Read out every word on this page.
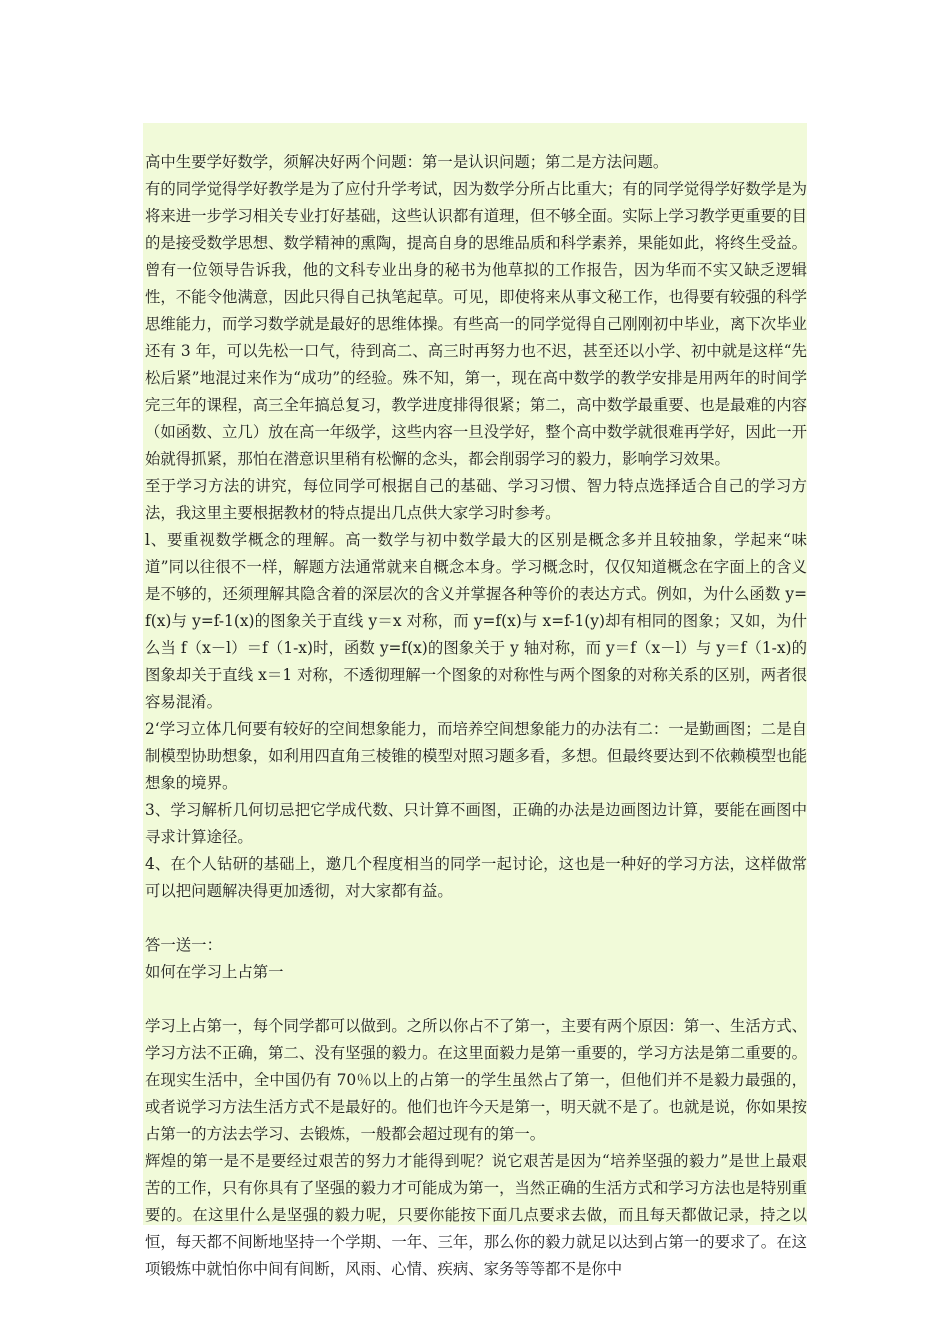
高中生要学好数学，须解决好两个问题：第一是认识问题；第二是方法问题。

有的同学觉得学好教学是为了应付升学考试，因为数学分所占比重大；有的同学觉得学好数学是为将来进一步学习相关专业打好基础，这些认识都有道理，但不够全面。实际上学习教学更重要的目的是接受数学思想、数学精神的熏陶，提高自身的思维品质和科学素养，果能如此，将终生受益。曾有一位领导告诉我，他的文科专业出身的秘书为他草拟的工作报告，因为华而不实又缺乏逻辑性，不能令他满意，因此只得自己执笔起草。可见，即使将来从事文秘工作，也得要有较强的科学思维能力，而学习数学就是最好的思维体操。有些高一的同学觉得自己刚刚初中毕业，离下次毕业还有 3 年，可以先松一口气，待到高二、高三时再努力也不迟，甚至还以小学、初中就是这样“先松后紧”地混过来作为“成功”的经验。殊不知，第一，现在高中数学的教学安排是用两年的时间学完三年的课程，高三全年搞总复习，教学进度排得很紧；第二，高中数学最重要、也是最难的内容（如函数、立几）放在高一年级学，这些内容一旦没学好，整个高中数学就很难再学好，因此一开始就得抓紧，那怕在潜意识里稍有松懈的念头，都会削弱学习的毅力，影响学习效果。

至于学习方法的讲究，每位同学可根据自己的基础、学习习惯、智力特点选择适合自己的学习方法，我这里主要根据教材的特点提出几点供大家学习时参考。

l、要重视数学概念的理解。高一数学与初中数学最大的区别是概念多并且较抽象，学起来“味道”同以往很不一样，解题方法通常就来自概念本身。学习概念时，仅仅知道概念在字面上的含义是不够的，还须理解其隐含着的深层次的含义并掌握各种等价的表达方式。例如，为什么函数 y=f(x)与 y=f-1(x)的图象关于直线 y＝x 对称，而 y=f(x)与 x=f-1(y)却有相同的图象；又如，为什么当 f（x－l）＝f（1-x)时，函数 y=f(x)的图象关于 y 轴对称，而 y＝f（x－l）与 y＝f（1-x)的图象却关于直线 x＝1 对称，不透彻理解一个图象的对称性与两个图象的对称关系的区别，两者很容易混淆。

2‘学习立体几何要有较好的空间想象能力，而培养空间想象能力的办法有二：一是勤画图；二是自制模型协助想象，如利用四直角三棱锥的模型对照习题多看，多想。但最终要达到不依赖模型也能想象的境界。

3、学习解析几何切忌把它学成代数、只计算不画图，正确的办法是边画图边计算，要能在画图中寻求计算途径。

4、在个人钻研的基础上，邀几个程度相当的同学一起讨论，这也是一种好的学习方法，这样做常可以把问题解决得更加透彻，对大家都有益。

答一送一：

如何在学习上占第一

学习上占第一，每个同学都可以做到。之所以你占不了第一，主要有两个原因：第一、生活方式、学习方法不正确，第二、没有坚强的毅力。在这里面毅力是第一重要的，学习方法是第二重要的。在现实生活中，全中国仍有 70％以上的占第一的学生虽然占了第一，但他们并不是毅力最强的，或者说学习方法生活方式不是最好的。他们也许今天是第一，明天就不是了。也就是说，你如果按占第一的方法去学习、去锻炼，一般都会超过现有的第一。

辉煌的第一是不是要经过艰苦的努力才能得到呢？说它艰苦是因为“培养坚强的毅力”是世上最艰苦的工作，只有你具有了坚强的毅力才可能成为第一，当然正确的生活方式和学习方法也是特别重要的。在这里什么是坚强的毅力呢，只要你能按下面几点要求去做，而且每天都做记录，持之以恒，每天都不间断地坚持一个学期、一年、三年，那么你的毅力就足以达到占第一的要求了。在这项锻炼中就怕你中间有间断，风雨、心情、疾病、家务等等都不是你中
